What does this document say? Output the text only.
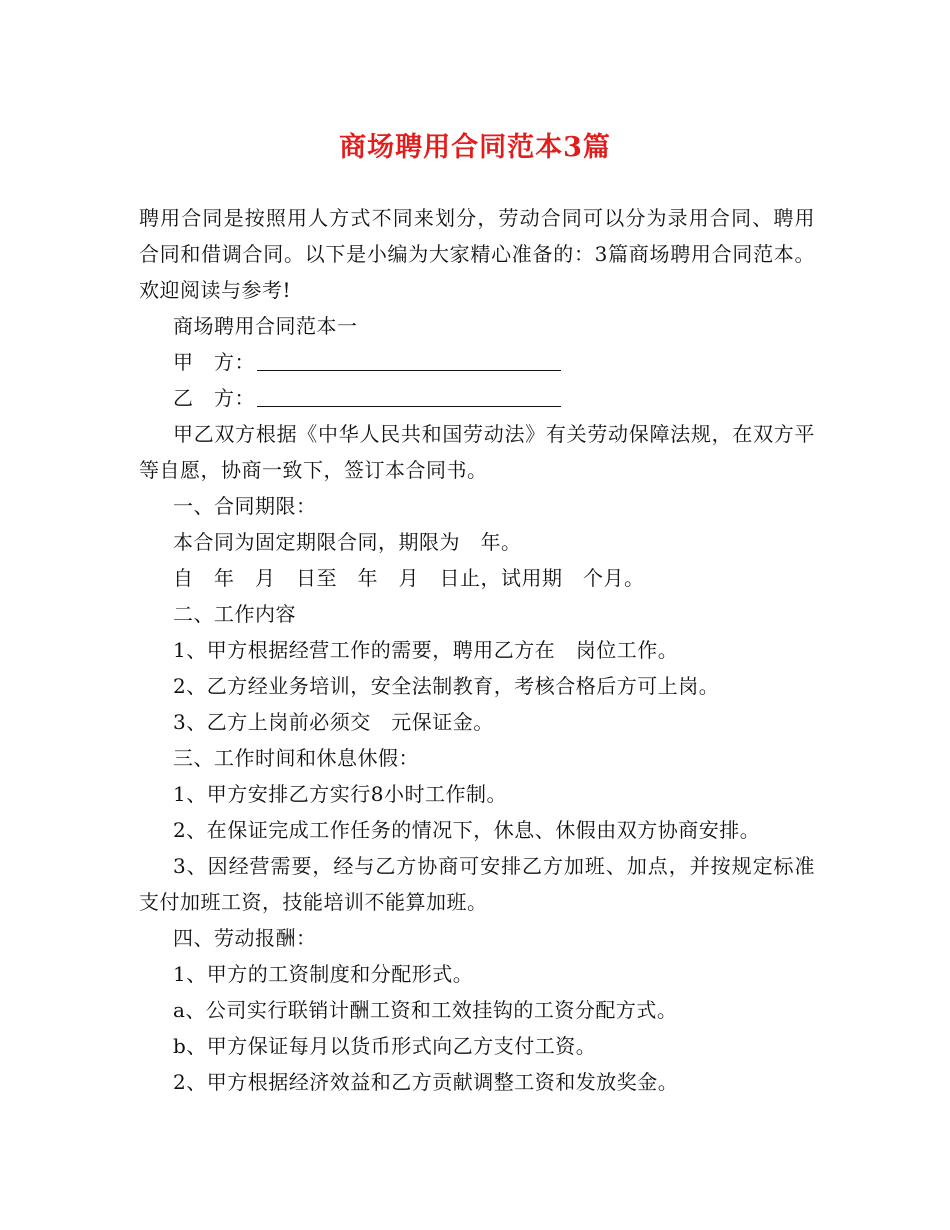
商场聘用合同范本3篇

聘用合同是按照用人方式不同来划分，劳动合同可以分为录用合同、聘用合同和借调合同。以下是小编为大家精心准备的：3篇商场聘用合同范本。欢迎阅读与参考!

商场聘用合同范本一

甲　方：

乙　方：

甲乙双方根据《中华人民共和国劳动法》有关劳动保障法规，在双方平等自愿，协商一致下，签订本合同书。

一、合同期限：

本合同为固定期限合同，期限为　年。

自　年　月　日至　年　月　日止，试用期　个月。

二、工作内容

1、甲方根据经营工作的需要，聘用乙方在　岗位工作。

2、乙方经业务培训，安全法制教育，考核合格后方可上岗。

3、乙方上岗前必须交　元保证金。

三、工作时间和休息休假：

1、甲方安排乙方实行8小时工作制。

2、在保证完成工作任务的情况下，休息、休假由双方协商安排。

3、因经营需要，经与乙方协商可安排乙方加班、加点，并按规定标准支付加班工资，技能培训不能算加班。

四、劳动报酬：

1、甲方的工资制度和分配形式。

a、公司实行联销计酬工资和工效挂钩的工资分配方式。

b、甲方保证每月以货币形式向乙方支付工资。

2、甲方根据经济效益和乙方贡献调整工资和发放奖金。
